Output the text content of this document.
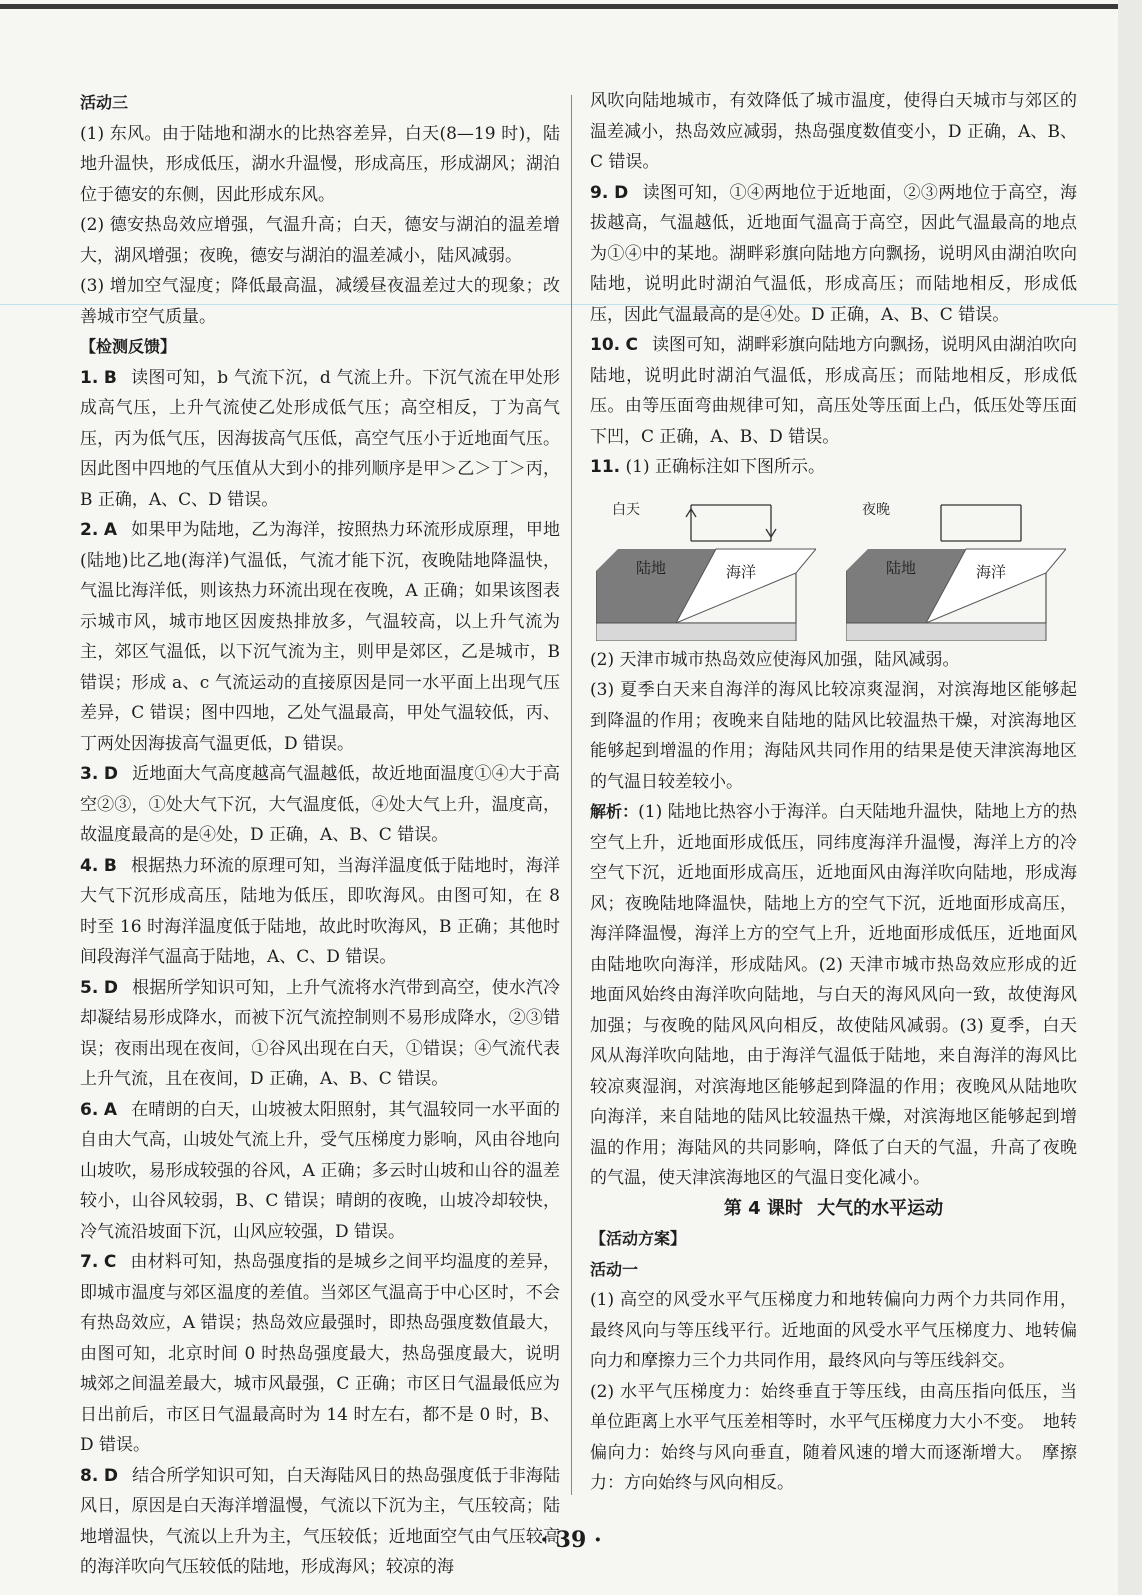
活动三

(1) 东风。由于陆地和湖水的比热容差异，白天(8—19 时)，陆地升温快，形成低压，湖水升温慢，形成高压，形成湖风；湖泊位于德安的东侧，因此形成东风。

(2) 德安热岛效应增强，气温升高；白天，德安与湖泊的温差增大，湖风增强；夜晚，德安与湖泊的温差减小，陆风减弱。

(3) 增加空气湿度；降低最高温，减缓昼夜温差过大的现象；改善城市空气质量。

【检测反馈】

1. B 读图可知，b 气流下沉，d 气流上升。下沉气流在甲处形成高气压，上升气流使乙处形成低气压；高空相反，丁为高气压，丙为低气压，因海拔高气压低，高空气压小于近地面气压。因此图中四地的气压值从大到小的排列顺序是甲＞乙＞丁＞丙，B 正确，A、C、D 错误。

2. A 如果甲为陆地，乙为海洋，按照热力环流形成原理，甲地(陆地)比乙地(海洋)气温低，气流才能下沉，夜晚陆地降温快，气温比海洋低，则该热力环流出现在夜晚，A 正确；如果该图表示城市风，城市地区因废热排放多，气温较高，以上升气流为主，郊区气温低，以下沉气流为主，则甲是郊区，乙是城市，B 错误；形成 a、c 气流运动的直接原因是同一水平面上出现气压差异，C 错误；图中四地，乙处气温最高，甲处气温较低，丙、丁两处因海拔高气温更低，D 错误。

3. D 近地面大气高度越高气温越低，故近地面温度①④大于高空②③，①处大气下沉，大气温度低，④处大气上升，温度高，故温度最高的是④处，D 正确，A、B、C 错误。

4. B 根据热力环流的原理可知，当海洋温度低于陆地时，海洋大气下沉形成高压，陆地为低压，即吹海风。由图可知，在 8 时至 16 时海洋温度低于陆地，故此时吹海风，B 正确；其他时间段海洋气温高于陆地，A、C、D 错误。

5. D 根据所学知识可知，上升气流将水汽带到高空，使水汽冷却凝结易形成降水，而被下沉气流控制则不易形成降水，②③错误；夜雨出现在夜间，①谷风出现在白天，①错误；④气流代表上升气流，且在夜间，D 正确，A、B、C 错误。

6. A 在晴朗的白天，山坡被太阳照射，其气温较同一水平面的自由大气高，山坡处气流上升，受气压梯度力影响，风由谷地向山坡吹，易形成较强的谷风，A 正确；多云时山坡和山谷的温差较小，山谷风较弱，B、C 错误；晴朗的夜晚，山坡冷却较快，冷气流沿坡面下沉，山风应较强，D 错误。

7. C 由材料可知，热岛强度指的是城乡之间平均温度的差异，即城市温度与郊区温度的差值。当郊区气温高于中心区时，不会有热岛效应，A 错误；热岛效应最强时，即热岛强度数值最大，由图可知，北京时间 0 时热岛强度最大，热岛强度最大，说明城郊之间温差最大，城市风最强，C 正确；市区日气温最低应为日出前后，市区日气温最高时为 14 时左右，都不是 0 时，B、D 错误。

8. D 结合所学知识可知，白天海陆风日的热岛强度低于非海陆风日，原因是白天海洋增温慢，气流以下沉为主，气压较高；陆地增温快，气流以上升为主，气压较低；近地面空气由气压较高的海洋吹向气压较低的陆地，形成海风；较凉的海

风吹向陆地城市，有效降低了城市温度，使得白天城市与郊区的温差减小，热岛效应减弱，热岛强度数值变小，D 正确，A、B、C 错误。

9. D 读图可知，①④两地位于近地面，②③两地位于高空，海拔越高，气温越低，近地面气温高于高空，因此气温最高的地点为①④中的某地。湖畔彩旗向陆地方向飘扬，说明风由湖泊吹向陆地，说明此时湖泊气温低，形成高压；而陆地相反，形成低压，因此气温最高的是④处。D 正确，A、B、C 错误。

10. C 读图可知，湖畔彩旗向陆地方向飘扬，说明风由湖泊吹向陆地，说明此时湖泊气温低，形成高压；而陆地相反，形成低压。由等压面弯曲规律可知，高压处等压面上凸，低压处等压面下凹，C 正确，A、B、D 错误。

11. (1) 正确标注如下图所示。

白天
陆地	海洋
夜晚
陆地	海洋

(2) 天津市城市热岛效应使海风加强，陆风减弱。

(3) 夏季白天来自海洋的海风比较凉爽湿润，对滨海地区能够起到降温的作用；夜晚来自陆地的陆风比较温热干燥，对滨海地区能够起到增温的作用；海陆风共同作用的结果是使天津滨海地区的气温日较差较小。

解析：(1) 陆地比热容小于海洋。白天陆地升温快，陆地上方的热空气上升，近地面形成低压，同纬度海洋升温慢，海洋上方的冷空气下沉，近地面形成高压，近地面风由海洋吹向陆地，形成海风；夜晚陆地降温快，陆地上方的空气下沉，近地面形成高压，海洋降温慢，海洋上方的空气上升，近地面形成低压，近地面风由陆地吹向海洋，形成陆风。(2) 天津市城市热岛效应形成的近地面风始终由海洋吹向陆地，与白天的海风风向一致，故使海风加强；与夜晚的陆风风向相反，故使陆风减弱。(3) 夏季，白天风从海洋吹向陆地，由于海洋气温低于陆地，来自海洋的海风比较凉爽湿润，对滨海地区能够起到降温的作用；夜晚风从陆地吹向海洋，来自陆地的陆风比较温热干燥，对滨海地区能够起到增温的作用；海陆风的共同影响，降低了白天的气温，升高了夜晚的气温，使天津滨海地区的气温日变化减小。

第 4 课时 大气的水平运动

【活动方案】

活动一

(1) 高空的风受水平气压梯度力和地转偏向力两个力共同作用，最终风向与等压线平行。近地面的风受水平气压梯度力、地转偏向力和摩擦力三个力共同作用，最终风向与等压线斜交。

(2) 水平气压梯度力：始终垂直于等压线，由高压指向低压，当单位距离上水平气压差相等时，水平气压梯度力大小不变。　地转偏向力：始终与风向垂直，随着风速的增大而逐渐增大。　摩擦力：方向始终与风向相反。

· 39 ·
